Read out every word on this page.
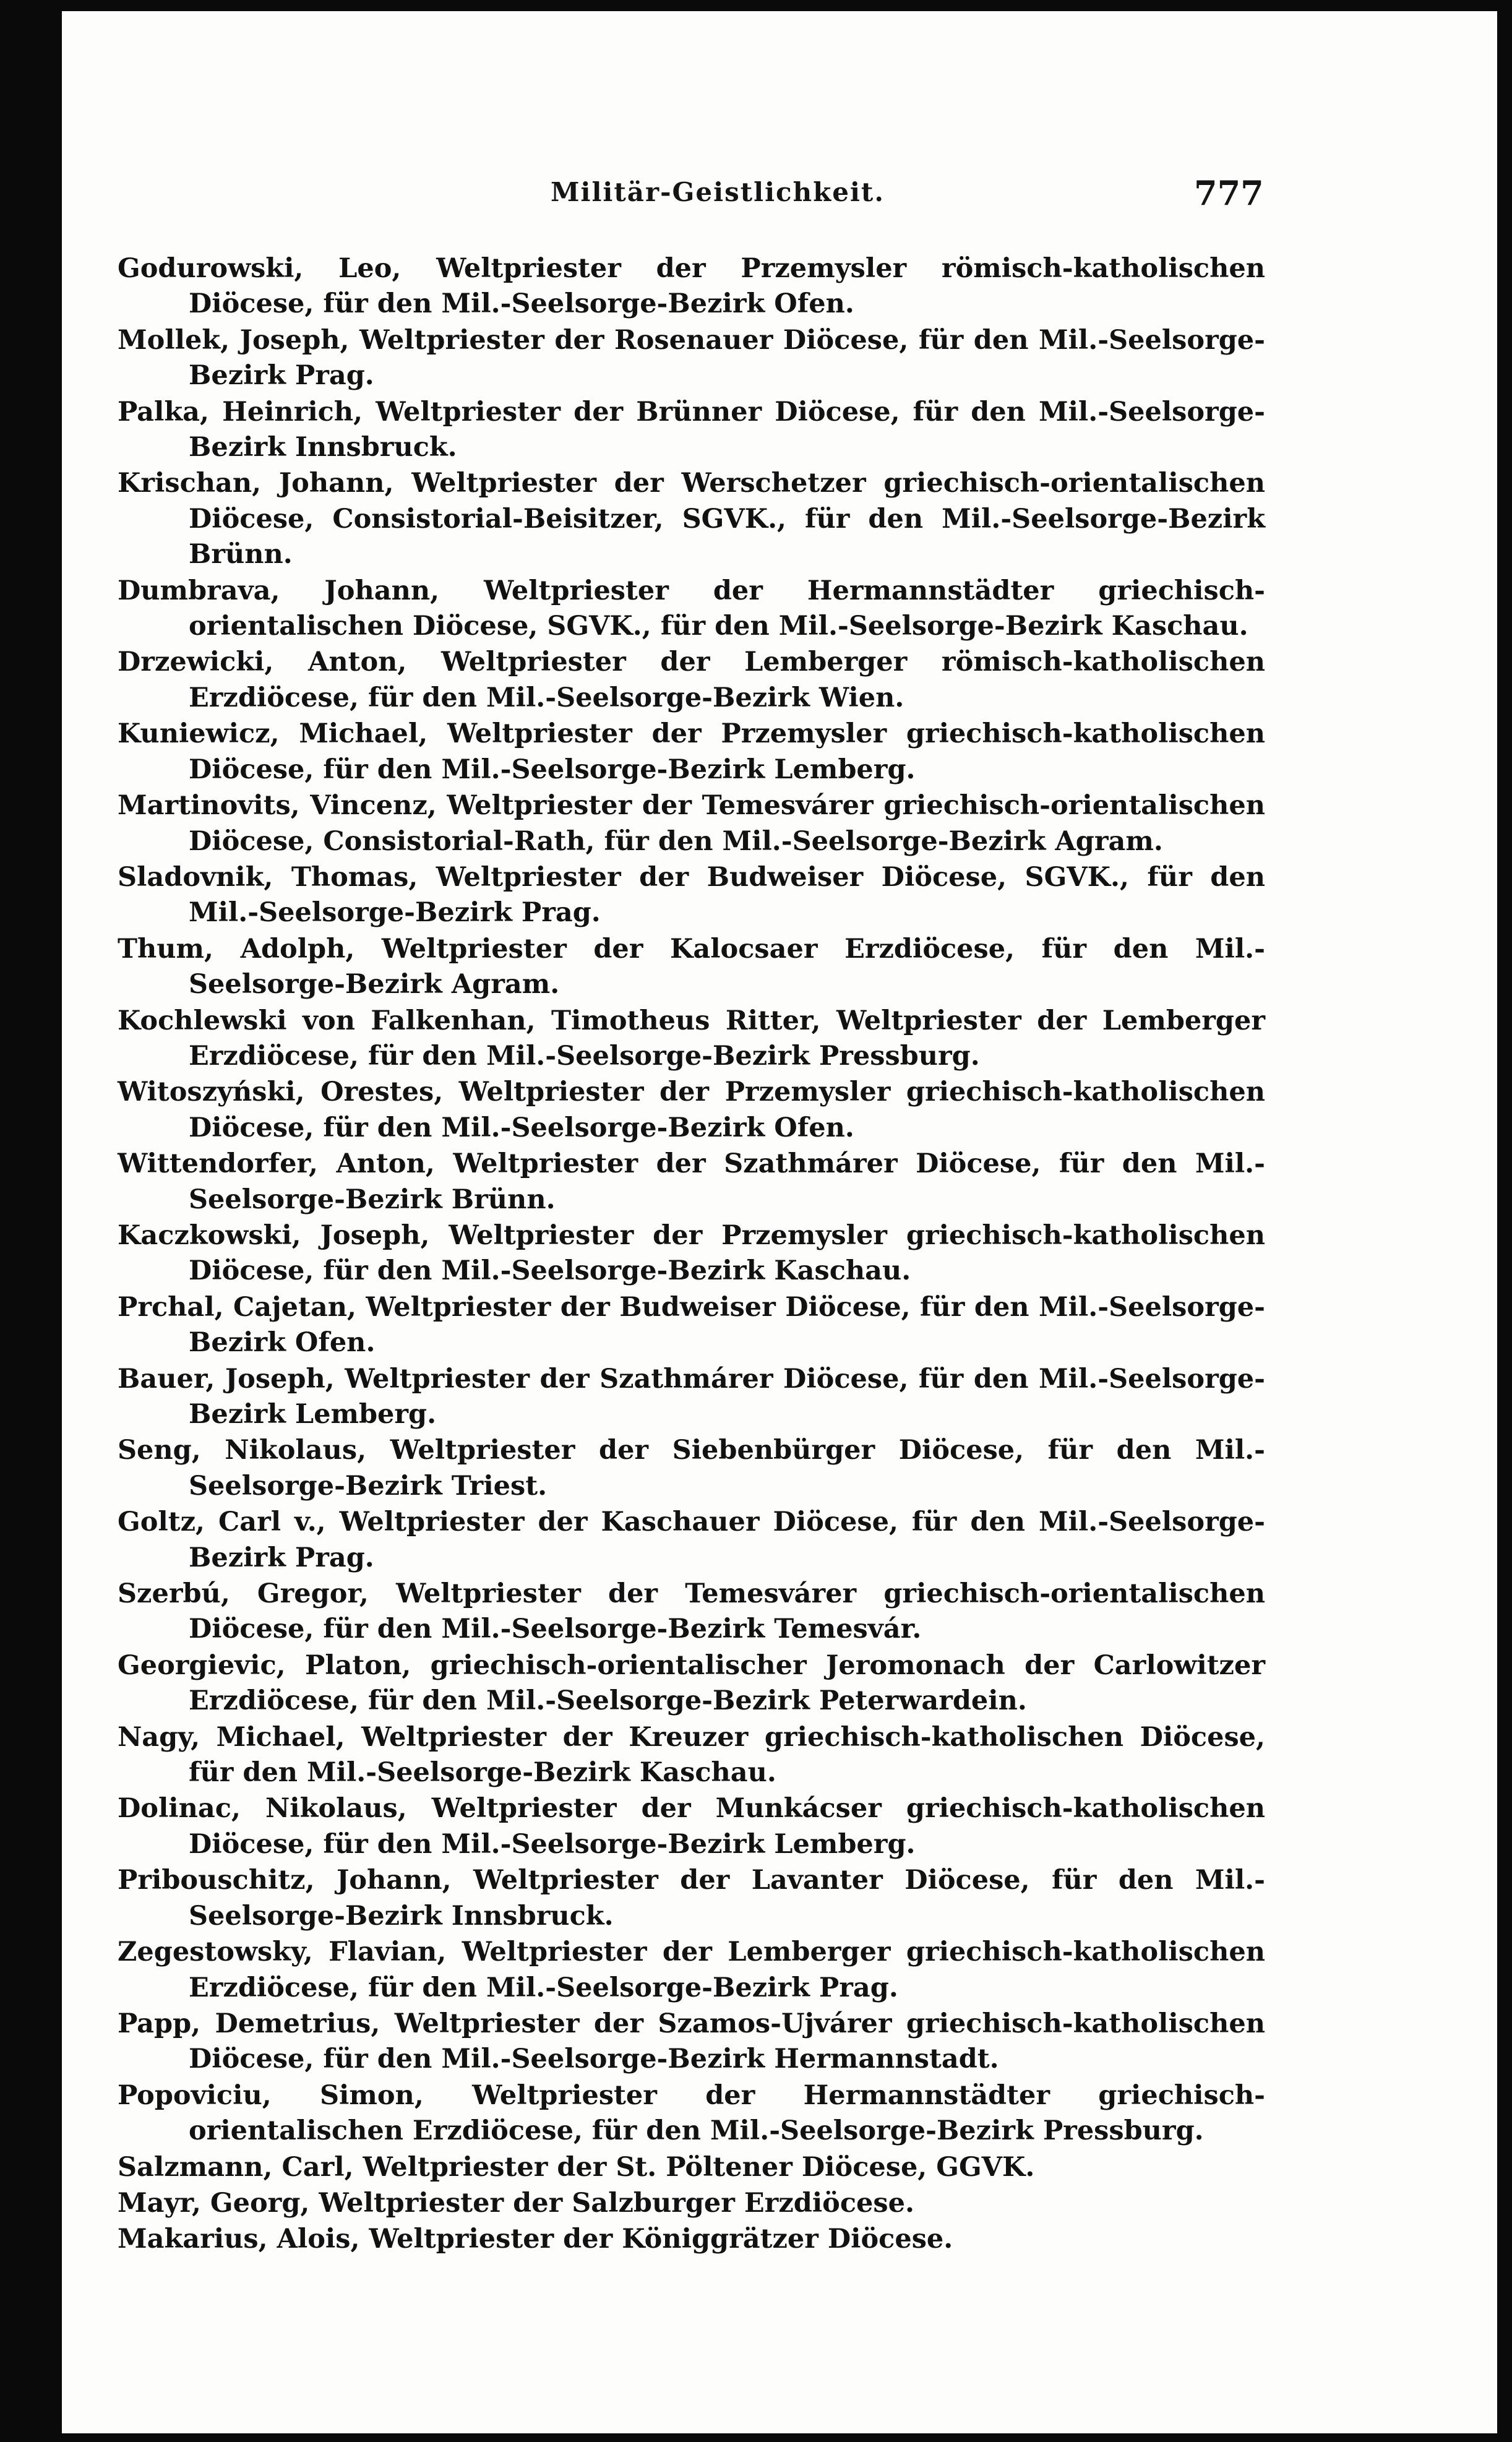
Militär-Geistlichkeit.	777
Godurowski, Leo, Weltpriester der Przemysler römisch-katholischen Diöcese, für den Mil.-Seelsorge-Bezirk Ofen.
Mollek, Joseph, Weltpriester der Rosenauer Diöcese, für den Mil.-Seelsorge-Bezirk Prag.
Palka, Heinrich, Weltpriester der Brünner Diöcese, für den Mil.-Seelsorge-Bezirk Innsbruck.
Krischan, Johann, Weltpriester der Werschetzer griechisch-orientalischen Diöcese, Consistorial-Beisitzer, SGVK., für den Mil.-Seelsorge-Bezirk Brünn.
Dumbrava, Johann, Weltpriester der Hermannstädter griechisch-orientalischen Diöcese, SGVK., für den Mil.-Seelsorge-Bezirk Kaschau.
Drzewicki, Anton, Weltpriester der Lemberger römisch-katholischen Erzdiöcese, für den Mil.-Seelsorge-Bezirk Wien.
Kuniewicz, Michael, Weltpriester der Przemysler griechisch-katholischen Diöcese, für den Mil.-Seelsorge-Bezirk Lemberg.
Martinovits, Vincenz, Weltpriester der Temesvárer griechisch-orientalischen Diöcese, Consistorial-Rath, für den Mil.-Seelsorge-Bezirk Agram.
Sladovnik, Thomas, Weltpriester der Budweiser Diöcese, SGVK., für den Mil.-Seelsorge-Bezirk Prag.
Thum, Adolph, Weltpriester der Kalocsaer Erzdiöcese, für den Mil.-Seelsorge-Bezirk Agram.
Kochlewski von Falkenhan, Timotheus Ritter, Weltpriester der Lemberger Erzdiöcese, für den Mil.-Seelsorge-Bezirk Pressburg.
Witoszyński, Orestes, Weltpriester der Przemysler griechisch-katholischen Diöcese, für den Mil.-Seelsorge-Bezirk Ofen.
Wittendorfer, Anton, Weltpriester der Szathmárer Diöcese, für den Mil.-Seelsorge-Bezirk Brünn.
Kaczkowski, Joseph, Weltpriester der Przemysler griechisch-katholischen Diöcese, für den Mil.-Seelsorge-Bezirk Kaschau.
Prchal, Cajetan, Weltpriester der Budweiser Diöcese, für den Mil.-Seelsorge-Bezirk Ofen.
Bauer, Joseph, Weltpriester der Szathmárer Diöcese, für den Mil.-Seelsorge-Bezirk Lemberg.
Seng, Nikolaus, Weltpriester der Siebenbürger Diöcese, für den Mil.-Seelsorge-Bezirk Triest.
Goltz, Carl v., Weltpriester der Kaschauer Diöcese, für den Mil.-Seelsorge-Bezirk Prag.
Szerbú, Gregor, Weltpriester der Temesvárer griechisch-orientalischen Diöcese, für den Mil.-Seelsorge-Bezirk Temesvár.
Georgievic, Platon, griechisch-orientalischer Jeromonach der Carlowitzer Erzdiöcese, für den Mil.-Seelsorge-Bezirk Peterwardein.
Nagy, Michael, Weltpriester der Kreuzer griechisch-katholischen Diöcese, für den Mil.-Seelsorge-Bezirk Kaschau.
Dolinac, Nikolaus, Weltpriester der Munkácser griechisch-katholischen Diöcese, für den Mil.-Seelsorge-Bezirk Lemberg.
Pribouschitz, Johann, Weltpriester der Lavanter Diöcese, für den Mil.-Seelsorge-Bezirk Innsbruck.
Zegestowsky, Flavian, Weltpriester der Lemberger griechisch-katholischen Erzdiöcese, für den Mil.-Seelsorge-Bezirk Prag.
Papp, Demetrius, Weltpriester der Szamos-Ujvárer griechisch-katholischen Diöcese, für den Mil.-Seelsorge-Bezirk Hermannstadt.
Popoviciu, Simon, Weltpriester der Hermannstädter griechisch-orientalischen Erzdiöcese, für den Mil.-Seelsorge-Bezirk Pressburg.
Salzmann, Carl, Weltpriester der St. Pöltener Diöcese, GGVK.
Mayr, Georg, Weltpriester der Salzburger Erzdiöcese.
Makarius, Alois, Weltpriester der Königgrätzer Diöcese.
